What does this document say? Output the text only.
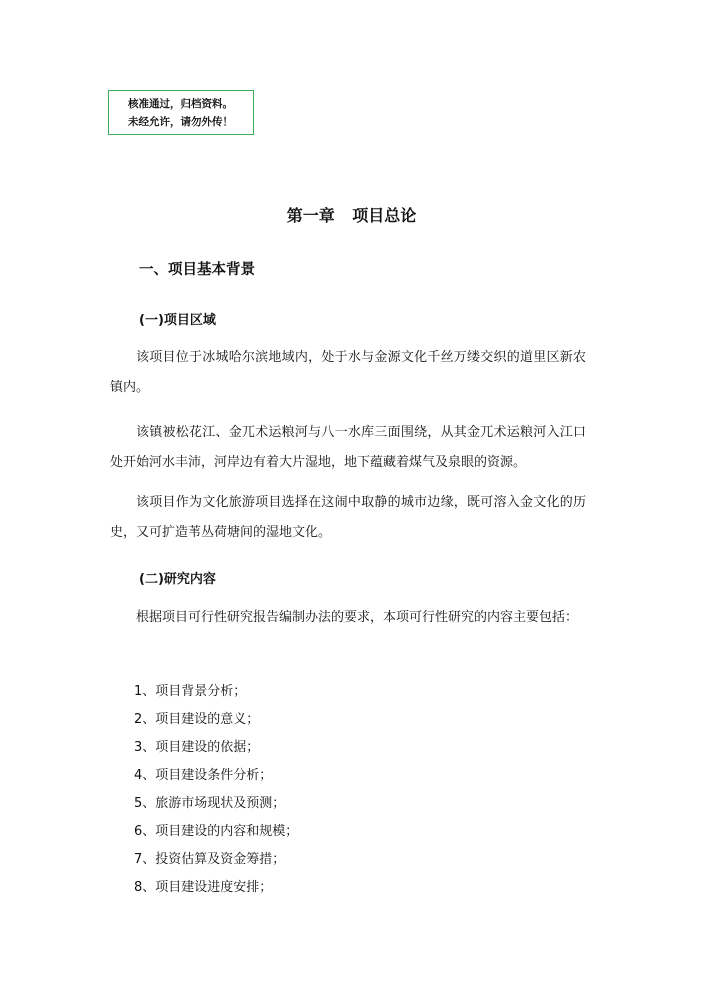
核准通过，归档资料。
未经允许，请勿外传！
第一章 项目总论
一、项目基本背景
(一)项目区域
该项目位于冰城哈尔滨地域内，处于水与金源文化千丝万缕交织的道里区新农镇内。
该镇被松花江、金兀术运粮河与八一水库三面围绕，从其金兀术运粮河入江口处开始河水丰沛，河岸边有着大片湿地，地下蕴藏着煤气及泉眼的资源。
该项目作为文化旅游项目选择在这闹中取静的城市边缘，既可溶入金文化的历史，又可扩造苇丛荷塘间的湿地文化。
(二)研究内容
根据项目可行性研究报告编制办法的要求，本项可行性研究的内容主要包括：
1、项目背景分析；
2、项目建设的意义；
3、项目建设的依据；
4、项目建设条件分析；
5、旅游市场现状及预测；
6、项目建设的内容和规模；
7、投资估算及资金筹措；
8、项目建设进度安排；
